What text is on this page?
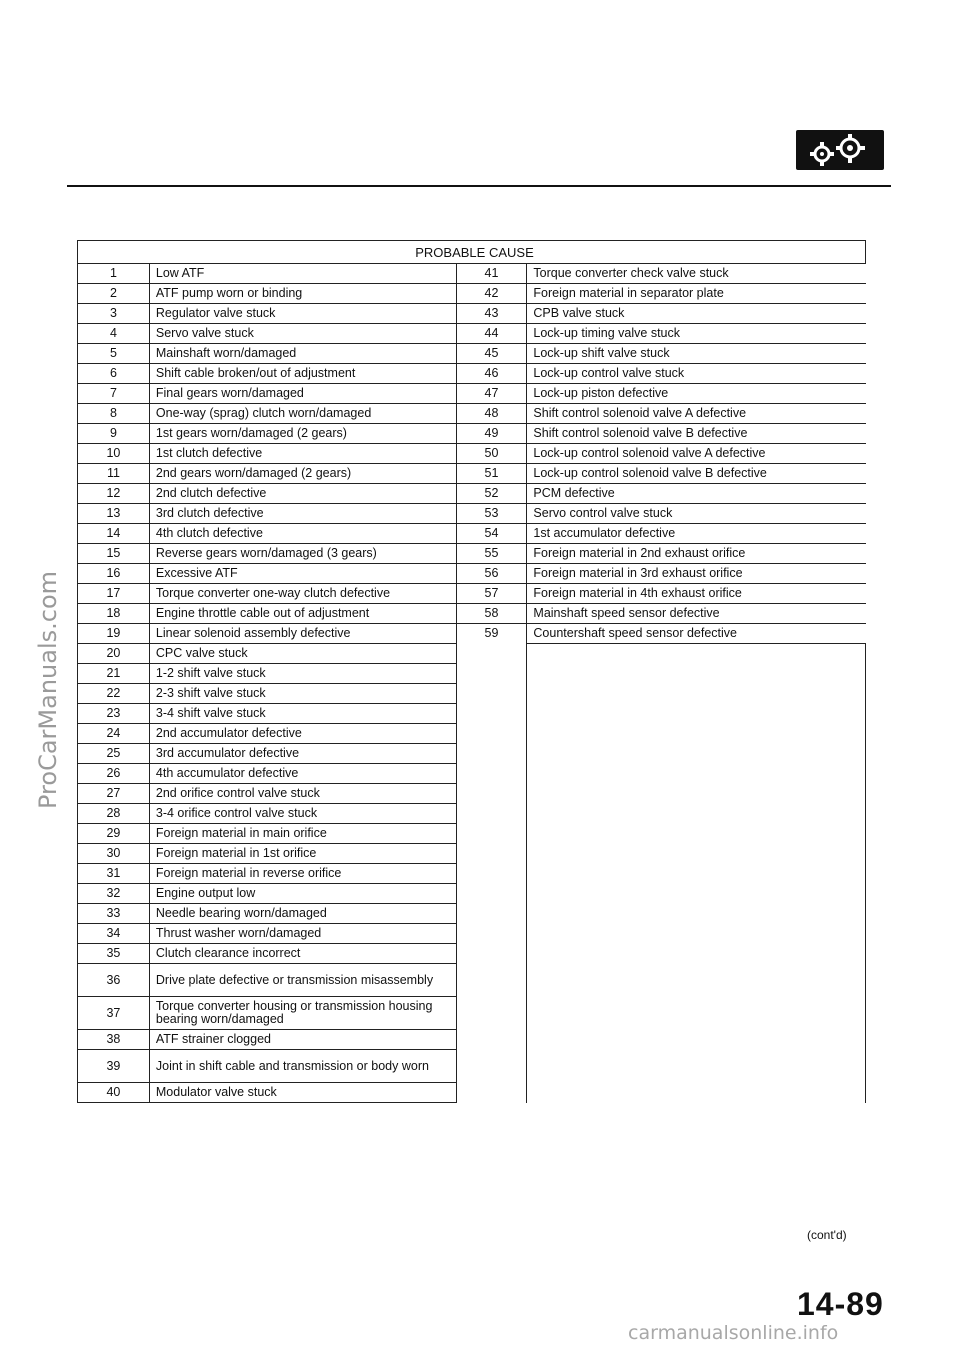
ProCarManuals.com
PROBABLE CAUSE			
1	Low ATF	41	Torque converter check valve stuck
2	ATF pump worn or binding	42	Foreign material in separator plate
3	Regulator valve stuck	43	CPB valve stuck
4	Servo valve stuck	44	Lock-up timing valve stuck
5	Mainshaft worn/damaged	45	Lock-up shift valve stuck
6	Shift cable broken/out of adjustment	46	Lock-up control valve stuck
7	Final gears worn/damaged	47	Lock-up piston defective
8	One-way (sprag) clutch worn/damaged	48	Shift control solenoid valve A defective
9	1st gears worn/damaged (2 gears)	49	Shift control solenoid valve B defective
10	1st clutch defective	50	Lock-up control solenoid valve A defective
11	2nd gears worn/damaged (2 gears)	51	Lock-up control solenoid valve B defective
12	2nd clutch defective	52	PCM defective
13	3rd clutch defective	53	Servo control valve stuck
14	4th clutch defective	54	1st accumulator defective
15	Reverse gears worn/damaged (3 gears)	55	Foreign material in 2nd exhaust orifice
16	Excessive ATF	56	Foreign material in 3rd exhaust orifice
17	Torque converter one-way clutch defective	57	Foreign material in 4th exhaust orifice
18	Engine throttle cable out of adjustment	58	Mainshaft speed sensor defective
19	Linear solenoid assembly defective	59	Countershaft speed sensor defective
20	CPC valve stuck		
21	1-2 shift valve stuck		
22	2-3 shift valve stuck		
23	3-4 shift valve stuck		
24	2nd accumulator defective		
25	3rd accumulator defective		
26	4th accumulator defective		
27	2nd orifice control valve stuck		
28	3-4 orifice control valve stuck		
29	Foreign material in main orifice		
30	Foreign material in 1st orifice		
31	Foreign material in reverse orifice		
32	Engine output low		
33	Needle bearing worn/damaged		
34	Thrust washer worn/damaged		
35	Clutch clearance incorrect		
36	Drive plate defective or transmission misassembly		
37	Torque converter housing or transmission housing bearing worn/damaged		
38	ATF strainer clogged		
39	Joint in shift cable and transmission or body worn		
40	Modulator valve stuck		
(cont'd)
14-89
carmanualsonline.info
